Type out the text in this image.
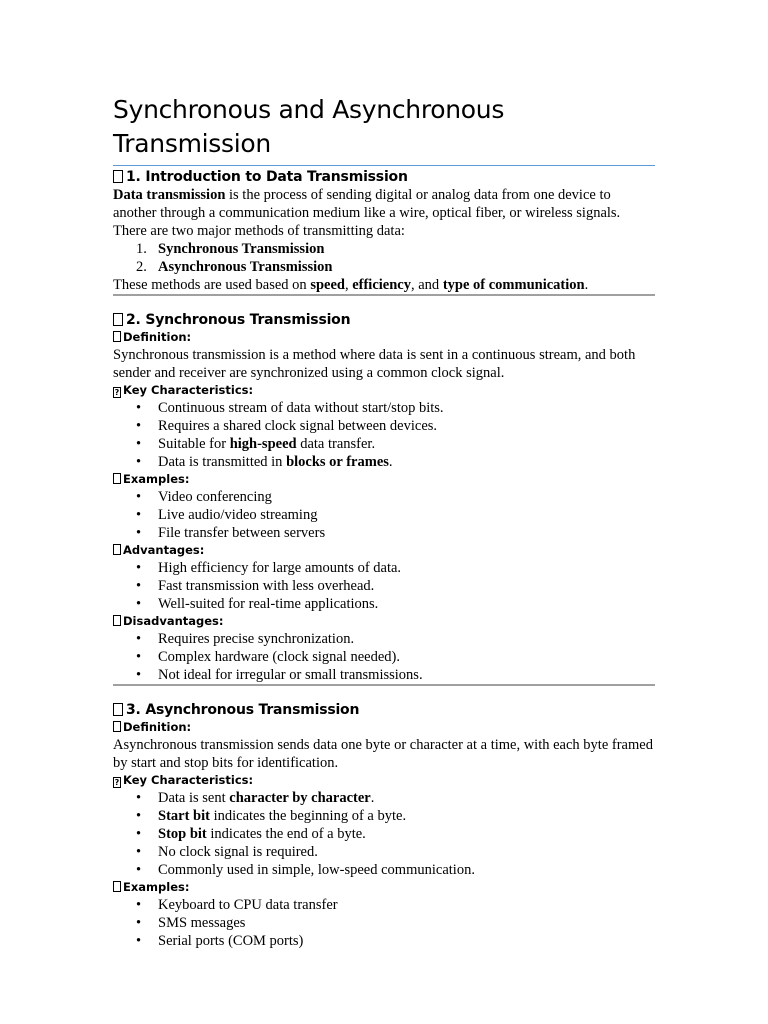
Synchronous and Asynchronous Transmission
1. Introduction to Data Transmission

Data transmission is the process of sending digital or analog data from one device to another through a communication medium like a wire, optical fiber, or wireless signals. There are two major methods of transmitting data:

1. Synchronous Transmission
2. Asynchronous Transmission

These methods are used based on speed, efficiency, and type of communication.

2. Synchronous Transmission
Definition:

Synchronous transmission is a method where data is sent in a continuous stream, and both sender and receiver are synchronized using a common clock signal.

? Key Characteristics:
• Continuous stream of data without start/stop bits.
• Requires a shared clock signal between devices.
• Suitable for high-speed data transfer.
• Data is transmitted in blocks or frames.
Examples:
• Video conferencing
• Live audio/video streaming
• File transfer between servers
Advantages:
• High efficiency for large amounts of data.
• Fast transmission with less overhead.
• Well-suited for real-time applications.
Disadvantages:
• Requires precise synchronization.
• Complex hardware (clock signal needed).
• Not ideal for irregular or small transmissions.
3. Asynchronous Transmission
Definition:

Asynchronous transmission sends data one byte or character at a time, with each byte framed by start and stop bits for identification.

? Key Characteristics:
• Data is sent character by character.
• Start bit indicates the beginning of a byte.
• Stop bit indicates the end of a byte.
• No clock signal is required.
• Commonly used in simple, low-speed communication.
Examples:
• Keyboard to CPU data transfer
• SMS messages
• Serial ports (COM ports)
